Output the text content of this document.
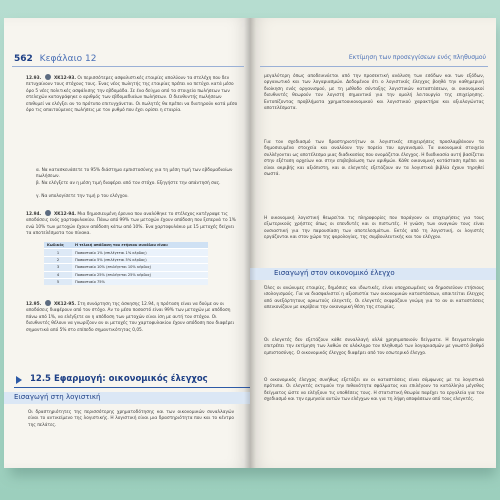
562 Κεφάλαιο 12
12.93.	ΧΚ12-93. Οι περισσότερες ασφαλιστικές εταιρίες απολύουν τα στελέχη που δεν πετυχαίνουν τους στόχους τους. Ένας νέος πωλητής της εταιρίας πρέπει να πετύχει κατά μέσο όρο 5 νέες πολιτικές ασφάλισης την εβδομάδα. Σε ένα δείγμα από τα στοιχεία πωλήσεων των στελεχών καταγράφηκε ο αριθμός των εβδομαδιαίων πωλήσεων. Ο διευθυντής πωλήσεων επιθυμεί να ελέγξει αν το πρότυπο επιτυγχάνεται. Οι πωλητές θα πρέπει να διατηρούν κατά μέσο όρο τις απαιτούμενες πωλήσεις με τον ρυθμό που έχει ορίσει η εταιρία.
α. Να κατασκευάσετε το 95% διάστημα εμπιστοσύνης για τη μέση τιμή των εβδομαδιαίων πωλήσεων.
β. Να ελέγξετε αν η μέση τιμή διαφέρει από τον στόχο. Εξηγήστε την απάντησή σας.
γ. Να υπολογίσετε την τιμή p του ελέγχου.
12.94.	ΧΚ12-94. Μια δημοσιευμένη έρευνα που αναλύθηκε το στέλεχος κατέγραψε τις αποδόσεις ενός χαρτοφυλακίου. Πάνω από 99% των μετοχών έχουν απόδοση που ξεπερνά το 1% ενώ 10% των μετοχών έχουν απόδοση κάτω από 10%. Ένα χαρτοφυλάκιο με 15 μετοχές δείχνει τα αποτελέσματα του πίνακα.
Κωδικός	Η τελική απόδοση του ετήσιου συνόλου είναι:
1	Ποσοστιαίο 1% (επιλέγεται 1% κέρδος)
2	Ποσοστιαίο 5% (επιλέγεται 5% κέρδος)
3	Ποσοστιαίο 10% (επιλέγεται 10% κέρδος)
4	Ποσοστιαίο 25% (επιλέγεται 25% κέρδος)
5	Ποσοστιαίο 75%
12.95.	ΧΚ12-95. Στη συνάρτηση της άσκησης 12.94, η πρόταση είναι να δούμε αν οι αποδόσεις διαφέρουν από τον στόχο. Αν το μέσο ποσοστό είναι 99% των μετοχών με απόδοση πάνω από 1%, να ελέγξετε αν η απόδοση των μετοχών είναι ίση με αυτή του στόχου. Οι διευθυντές θέλουν να γνωρίζουν αν οι μετοχές του χαρτοφυλακίου έχουν απόδοση που διαφέρει σημαντικά από 5% στο επίπεδο σημαντικότητας 0,05.
12.5 Εφαρμογή: οικονομικός έλεγχος
Εισαγωγή στη λογιστική
Οι δραστηριότητες της περισσότερης χρηματοδότησης και των οικονομικών συναλλαγών είναι το αντικείμενο της λογιστικής. Η λογιστική είναι μια δραστηριότητα που και το κέντρο της πελάτες.
Εκτίμηση των προσεγγίσεων ενός πληθυσμού
μεγαλύτερη όπως αποδεικνύεται από την προσεκτική ανάλυση των εσόδων και των εξόδων, οργανωτικό και των λογαριασμών. Δεδομένου ότι ο λογιστικός έλεγχος βοηθά την καθημερινή διοίκηση ενός οργανισμού, με τη μέθοδο σύνταξης λογιστικών καταστάσεων, οι οικονομικοί διευθυντές θεωρούν τον λογιστή σημαντικό για την ομαλή λειτουργία της επιχείρησης. Εντοπίζοντας προβλήματα χρηματοοικονομικού και λογιστικού χαρακτήρα και αξιολογώντας αποτελέσματα.
Για τον σχεδιασμό των δραστηριοτήτων οι λογιστικές επιχειρήσεις προσλαμβάνουν τα δημοσιευμένα στοιχεία και αναλύουν την πορεία του οργανισμού. Τα οικονομικά στοιχεία συλλέγονται ως αποτέλεσμα μιας διαδικασίας που ονομάζεται έλεγχος. Η διαδικασία αυτή βασίζεται στην εξέταση αρχείων και στην επιβεβαίωση των αριθμών. Κάθε οικονομική κατάσταση πρέπει να είναι ακριβής και αξιόπιστη, και οι ελεγκτές εξετάζουν αν τα λογιστικά βιβλία έχουν τηρηθεί σωστά.
Η οικονομική λογιστική θεωρείται τις πληροφορίες που παράγουν οι επιχειρήσεις για τους εξωτερικούς χρήστες όπως οι επενδυτές και οι πιστωτές. Η γνώση των αναγκών τους είναι ουσιαστική για την παρουσίαση των αποτελεσμάτων. Εκτός από τη λογιστική, οι λογιστές εργάζονται και στον χώρο της φορολογίας, της συμβουλευτικής και του ελέγχου.
Εισαγωγή στον οικονομικό έλεγχο
Όλες οι ανώνυμες εταιρίες, δημόσιες και ιδιωτικές, είναι υποχρεωμένες να δημοσιεύουν ετήσιους ισολογισμούς. Για να διασφαλιστεί η αξιοπιστία των οικονομικών καταστάσεων, απαιτείται έλεγχος από ανεξάρτητους ορκωτούς ελεγκτές. Οι ελεγκτές εκφράζουν γνώμη για το αν οι καταστάσεις απεικονίζουν με ακρίβεια την οικονομική θέση της εταιρίας.
Οι ελεγκτές δεν εξετάζουν κάθε συναλλαγή αλλά χρησιμοποιούν δείγματα. Η δειγματοληψία επιτρέπει την εκτίμηση των λαθών σε ολόκληρο τον πληθυσμό των λογαριασμών με γνωστό βαθμό εμπιστοσύνης. Ο οικονομικός έλεγχος διαφέρει από τον εσωτερικό έλεγχο.
Ο οικονομικός έλεγχος συνήθως εξετάζει αν οι καταστάσεις είναι σύμφωνες με τα λογιστικά πρότυπα. Οι ελεγκτές εκτιμούν την πιθανότητα σφάλματος και επιλέγουν το κατάλληλο μέγεθος δείγματος ώστε να ελέγξουν τις υποθέσεις τους. Η στατιστική θεωρία παρέχει τα εργαλεία για τον σχεδιασμό και την ερμηνεία αυτών των ελέγχων και για τη λήψη αποφάσεων από τους ελεγκτές.
